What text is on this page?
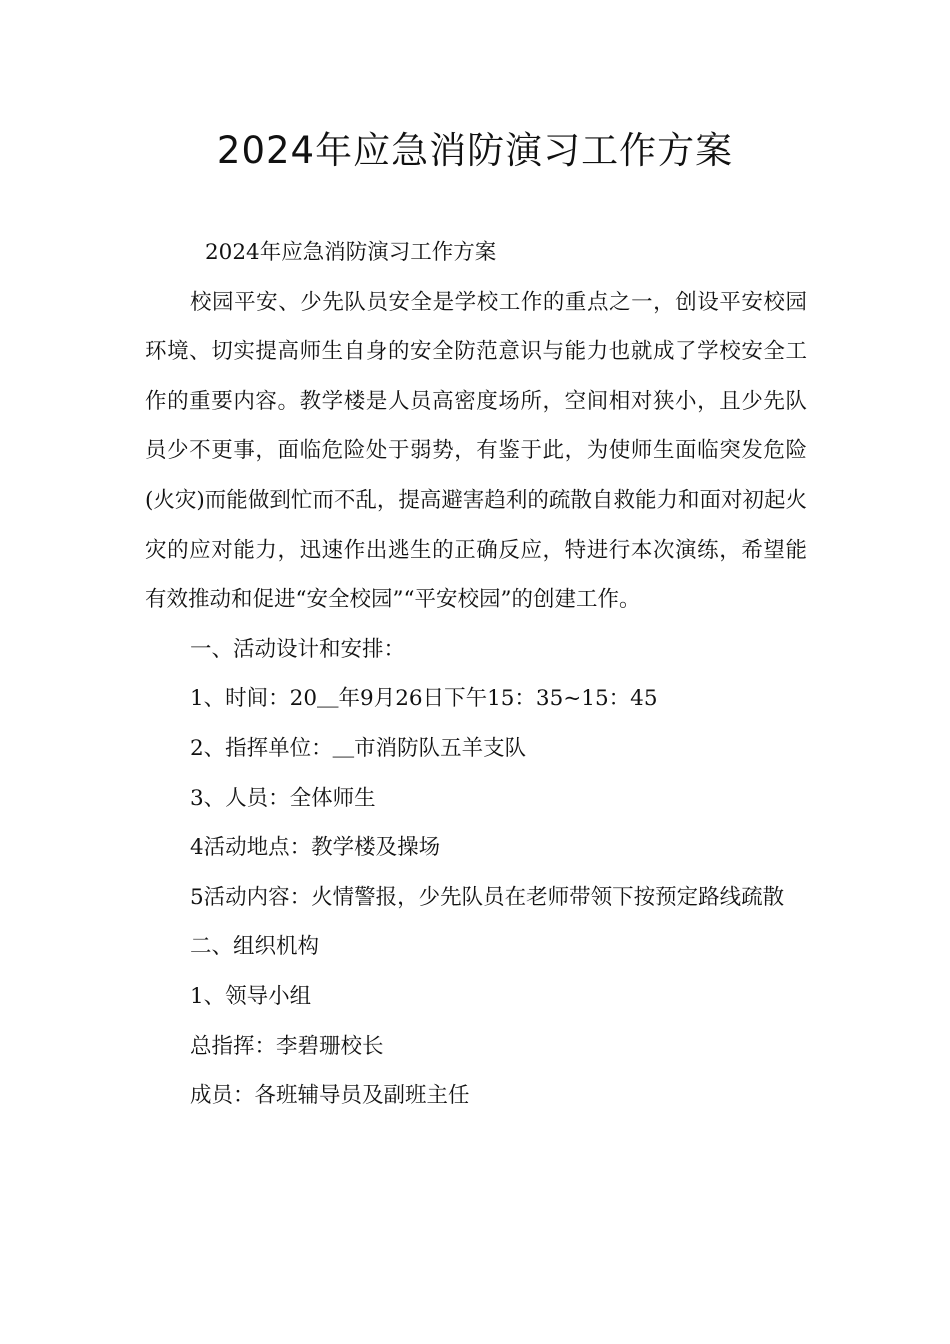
2024年应急消防演习工作方案

2024年应急消防演习工作方案

校园平安、少先队员安全是学校工作的重点之一，创设平安校园环境、切实提高师生自身的安全防范意识与能力也就成了学校安全工作的重要内容。教学楼是人员高密度场所，空间相对狭小，且少先队员少不更事，面临危险处于弱势，有鉴于此，为使师生面临突发危险(火灾)而能做到忙而不乱，提高避害趋利的疏散自救能力和面对初起火灾的应对能力，迅速作出逃生的正确反应，特进行本次演练，希望能有效推动和促进“安全校园”“平安校园”的创建工作。

一、活动设计和安排：

1、时间：20＿年9月26日下午15：35~15：45

2、指挥单位：＿市消防队五羊支队

3、人员：全体师生

4活动地点：教学楼及操场

5活动内容：火情警报，少先队员在老师带领下按预定路线疏散

二、组织机构

1、领导小组

总指挥：李碧珊校长

成员：各班辅导员及副班主任
